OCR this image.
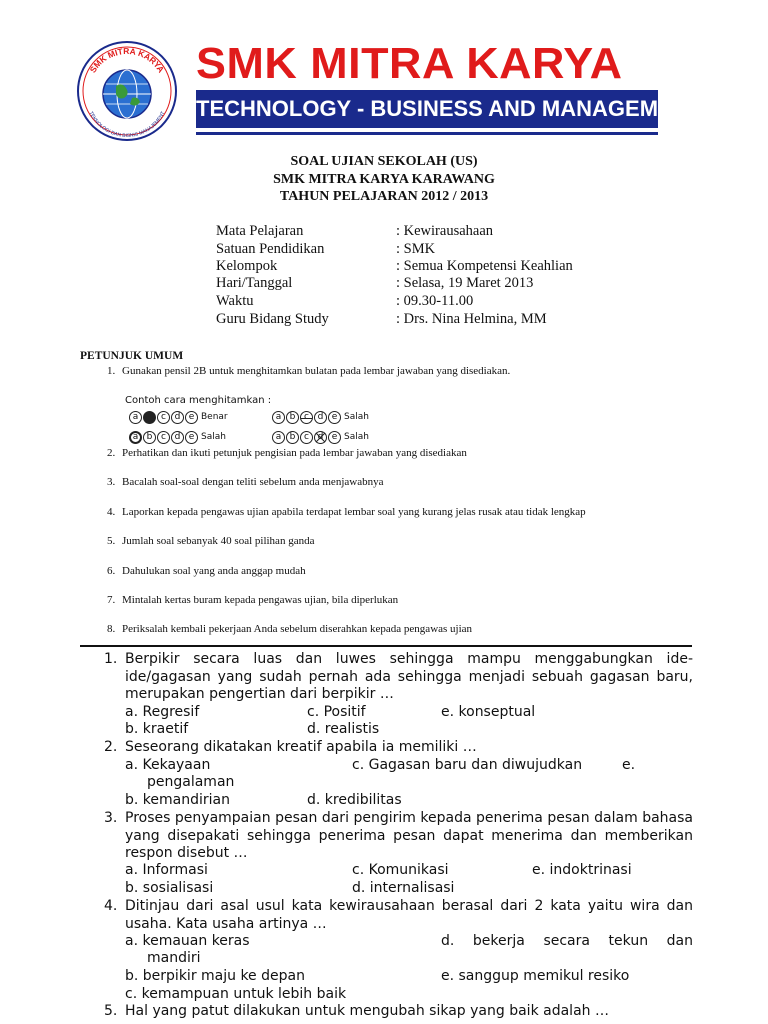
SMK MITRA KARYA
TEKNOLOGI DAN BISNIS MANAJEMENT
SMK MITRA KARYA
TECHNOLOGY - BUSINESS AND MANAGEMENT
SOAL UJIAN SEKOLAH (US)
SMK MITRA KARYA KARAWANG
TAHUN PELAJARAN 2012 / 2013
Mata Pelajaran	: Kewirausahaan
Satuan Pendidikan	: SMK
Kelompok	: Semua Kompetensi Keahlian
Hari/Tanggal	: Selasa, 19 Maret 2013
Waktu	: 09.30-11.00
Guru Bidang Study	: Drs. Nina Helmina, MM
PETUNJUK UMUM
1. Gunakan pensil 2B untuk menghitamkan bulatan pada lembar jawaban yang disediakan.
Contoh cara menghitamkan :
a	c d e Benar	a b c d e Salah
a b c d e Salah	a b c d e Salah
2. Perhatikan dan ikuti petunjuk pengisian pada lembar jawaban yang disediakan
3. Bacalah soal-soal dengan teliti sebelum anda menjawabnya
4. Laporkan kepada pengawas ujian apabila terdapat lembar soal yang kurang jelas rusak atau tidak lengkap
5. Jumlah soal sebanyak 40 soal pilihan ganda
6. Dahulukan soal yang anda anggap mudah
7. Mintalah kertas buram kepada pengawas ujian, bila diperlukan
8. Periksalah kembali pekerjaan Anda sebelum diserahkan kepada pengawas ujian
1. Berpikir secara luas dan luwes sehingga mampu menggabungkan ide-ide/gagasan yang sudah pernah ada sehingga menjadi sebuah gagasan baru, merupakan pengertian dari berpikir …
a. Regresif	c. Positif	e. konseptual
b. kraetif	d. realistis
2. Seseorang dikatakan kreatif apabila ia memiliki …
a. Kekayaan	c. Gagasan baru dan diwujudkan	e.
pengalaman
b. kemandirian	d. kredibilitas
3. Proses penyampaian pesan dari pengirim kepada penerima pesan dalam bahasa yang disepakati sehingga penerima pesan dapat menerima dan memberikan respon disebut …
a. Informasi	c. Komunikasi	e. indoktrinasi
b. sosialisasi	d. internalisasi
4. Ditinjau dari asal usul kata kewirausahaan berasal dari 2 kata yaitu wira dan usaha. Kata usaha artinya …
a. kemauan keras	d. bekerja secara tekun dan
mandiri
b. berpikir maju ke depan	e. sanggup memikul resiko
c. kemampuan untuk lebih baik
5. Hal yang patut dilakukan untuk mengubah sikap yang baik adalah …
